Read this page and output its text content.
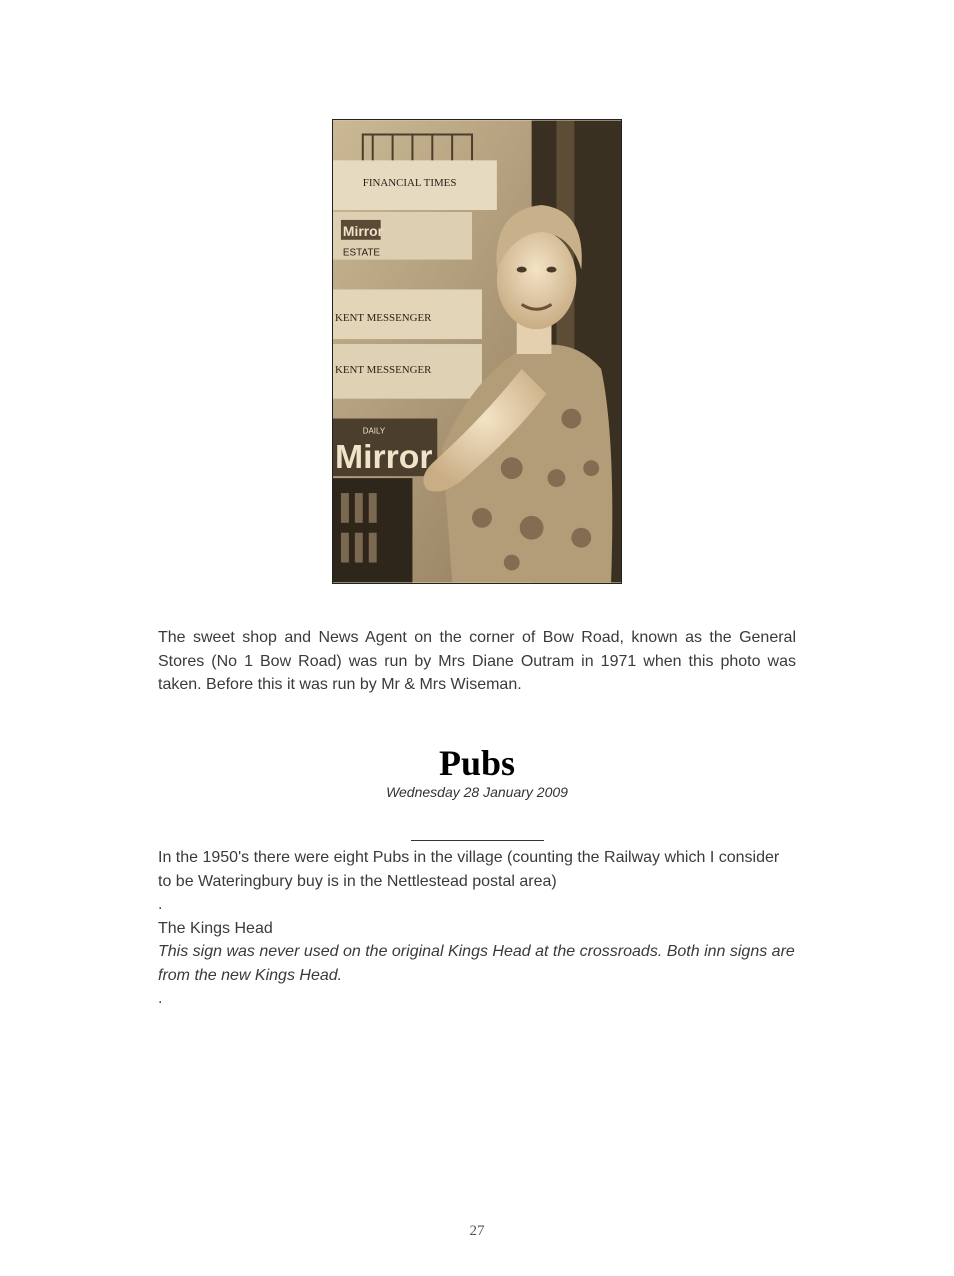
FINANCIAL TIMES
Mirror
ESTATE
KENT MESSENGER
KENT MESSENGER
DAILY
Mirror

The sweet shop and News Agent on the corner of Bow Road, known as the General Stores (No 1 Bow Road) was run by Mrs Diane Outram in 1971 when this photo was taken. Before this it was run by Mr & Mrs Wiseman.

Pubs
Wednesday 28 January 2009

In the 1950's there were eight Pubs in the village (counting the Railway which I consider to be Wateringbury buy is in the Nettlestead postal area)

.

The Kings Head

This sign was never used on the original Kings Head at the crossroads. Both inn signs are from the new Kings Head.

.

27
